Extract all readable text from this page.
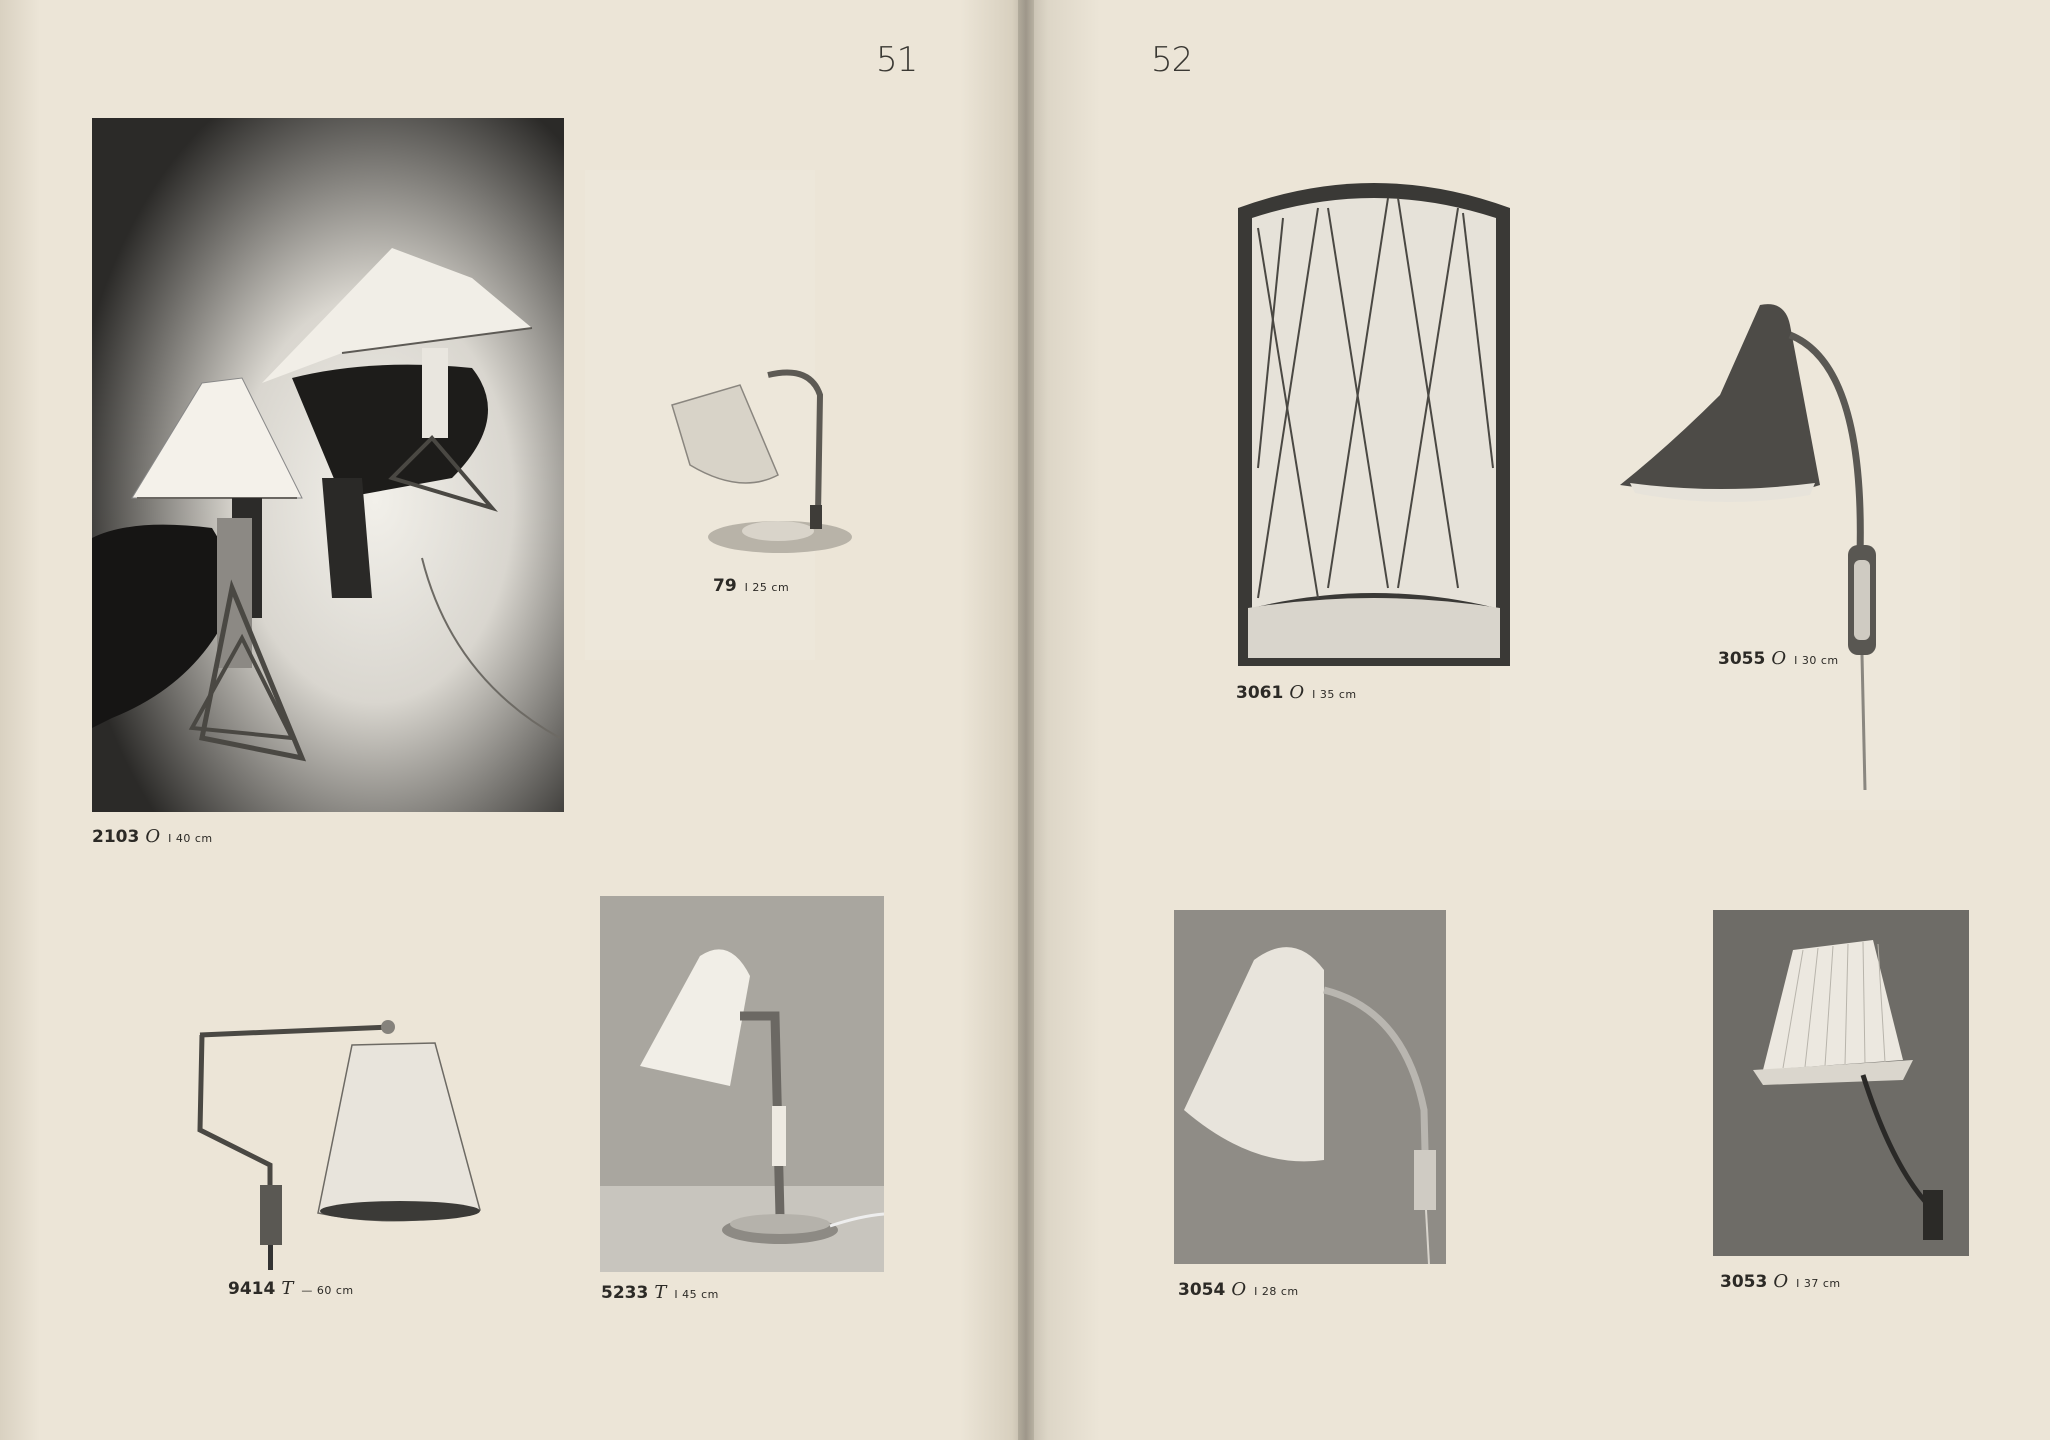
51	52
2103 O I 40 cm
79 I 25 cm
9414 T — 60 cm	5233 T I 45 cm
3061 O I 35 cm
3055 O I 30 cm
3054 O I 28 cm	3053 O I 37 cm
